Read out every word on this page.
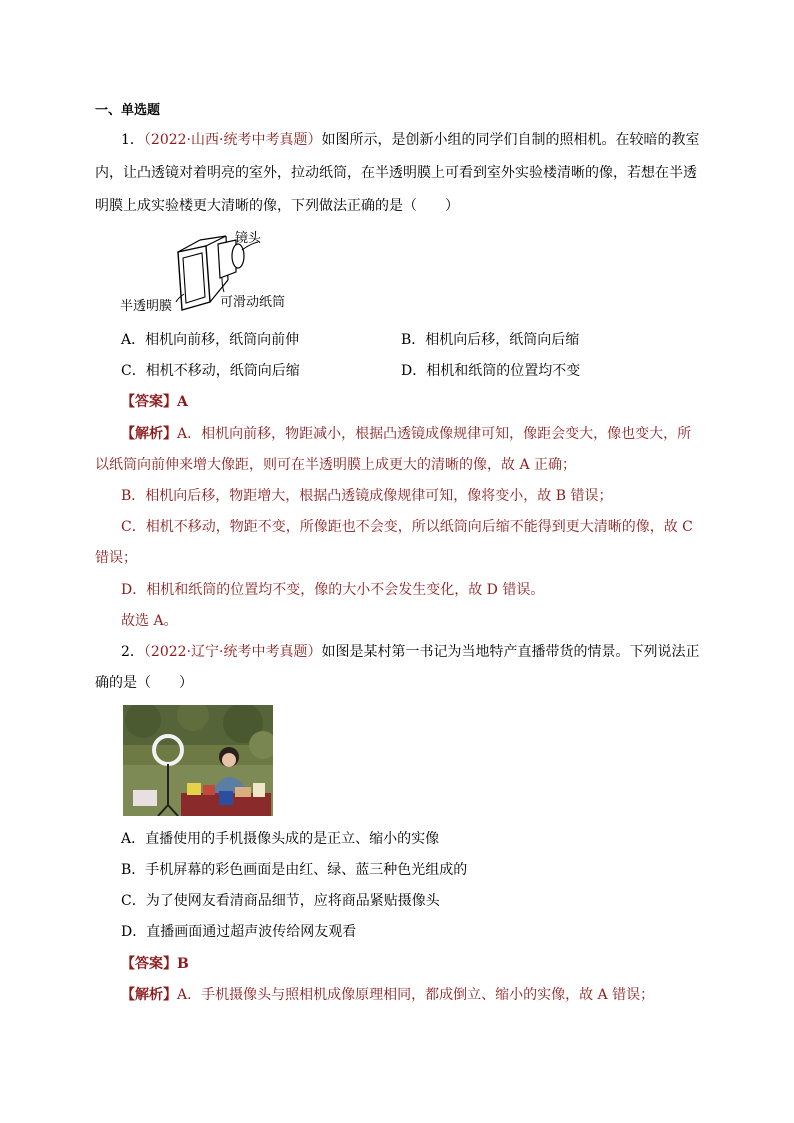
一、单选题
1．（2022·山西·统考中考真题）如图所示，是创新小组的同学们自制的照相机。在较暗的教室
内，让凸透镜对着明亮的室外，拉动纸筒，在半透明膜上可看到室外实验楼清晰的像，若想在半透
明膜上成实验楼更大清晰的像，下列做法正确的是（　　）
镜头
半透明膜	可滑动纸筒
A．相机向前移，纸筒向前伸	B．相机向后移，纸筒向后缩
C．相机不移动，纸筒向后缩	D．相机和纸筒的位置均不变
【答案】A
【解析】A．相机向前移，物距减小，根据凸透镜成像规律可知，像距会变大，像也变大，所
以纸筒向前伸来增大像距，则可在半透明膜上成更大的清晰的像，故 A 正确；
B．相机向后移，物距增大，根据凸透镜成像规律可知，像将变小，故 B 错误；
C．相机不移动，物距不变，所像距也不会变，所以纸筒向后缩不能得到更大清晰的像，故 C
错误；
D．相机和纸筒的位置均不变，像的大小不会发生变化，故 D 错误。
故选 A。
2．（2022·辽宁·统考中考真题）如图是某村第一书记为当地特产直播带货的情景。下列说法正
确的是（　　）
A．直播使用的手机摄像头成的是正立、缩小的实像
B．手机屏幕的彩色画面是由红、绿、蓝三种色光组成的
C．为了使网友看清商品细节，应将商品紧贴摄像头
D．直播画面通过超声波传给网友观看
【答案】B
【解析】A．手机摄像头与照相机成像原理相同，都成倒立、缩小的实像，故 A 错误；
